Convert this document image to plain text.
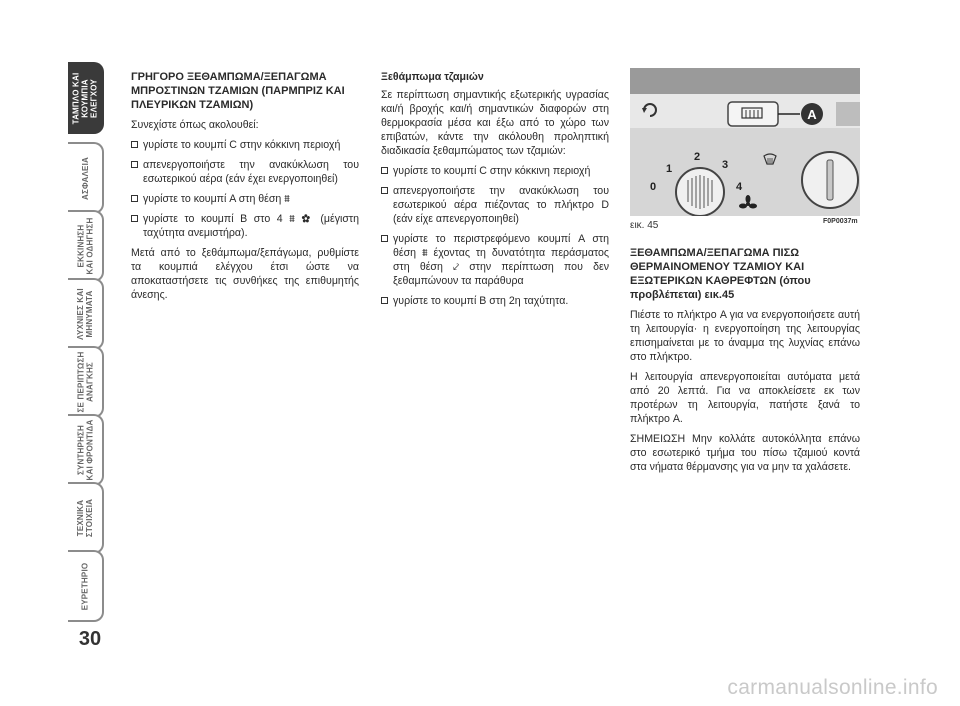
ΤΑΜΠΛΟ ΚΑΙ
ΚΟΥΜΠΙΑ
ΕΛΕΓΧΟΥ
ΑΣΦΑΛΕΙΑ
ΕΚΚΙΝΗΣΗ
ΚΑΙ ΟΔΗΓΗΣΗ
ΛΥΧΝΙΕΣ ΚΑΙ
ΜΗΝΥΜΑΤΑ
ΣΕ ΠΕΡΙΠΤΩΣΗ
ΑΝΑΓΚΗΣ
ΣΥΝΤΗΡΗΣΗ
ΚΑΙ ΦΡΟΝΤΙΔΑ
ΤΕΧΝΙΚΑ
ΣΤΟΙΧΕΙΑ
ΕΥΡΕΤΗΡΙΟ
30
ΓΡΗΓΟΡΟ ΞΕΘΑΜΠΩΜΑ/ΞΕΠΑΓΩΜΑ ΜΠΡΟΣΤΙΝΩΝ ΤΖΑΜΙΩΝ (ΠΑΡΜΠΡΙΖ ΚΑΙ ΠΛΕΥΡΙΚΩΝ ΤΖΑΜΙΩΝ)

Συνεχίστε όπως ακολουθεί:

γυρίστε το κουμπί C στην κόκκινη περιοχή
απενεργοποιήστε την ανακύκλωση του εσωτερικού αέρα (εάν έχει ενεργοποιηθεί)
γυρίστε το κουμπί A στη θέση ⩩
γυρίστε το κουμπί B στο 4 ⩩ ✿ (μέγιστη ταχύτητα ανεμιστήρα).

Μετά από το ξεθάμπωμα/ξεπάγωμα, ρυθμίστε τα κουμπιά ελέγχου έτσι ώστε να αποκαταστήσετε τις συνθήκες της επιθυμητής άνεσης.

Ξεθάμπωμα τζαμιών

Σε περίπτωση σημαντικής εξωτερικής υγρασίας και/ή βροχής και/ή σημαντικών διαφορών στη θερμοκρασία μέσα και έξω από το χώρο των επιβατών, κάντε την ακόλουθη προληπτική διαδικασία ξεθαμπώματος των τζαμιών:

γυρίστε το κουμπί C στην κόκκινη περιοχή
απενεργοποιήστε την ανακύκλωση του εσωτερικού αέρα πιέζοντας το πλήκτρο D (εάν είχε απενεργοποιηθεί)
γυρίστε το περιστρεφόμενο κουμπί A στη θέση ⩩ έχοντας τη δυνατότητα περάσματος στη θέση ⤦ στην περίπτωση που δεν ξεθαμπώνουν τα παράθυρα
γυρίστε το κουμπί B στη 2η ταχύτητα.
A
0
1
2
3
4
εικ. 45	F0P0037m
ΞΕΘΑΜΠΩΜΑ/ΞΕΠΑΓΩΜΑ ΠΙΣΩ ΘΕΡΜΑΙΝΟΜΕΝΟΥ ΤΖΑΜΙΟΥ ΚΑΙ ΕΞΩΤΕΡΙΚΩΝ ΚΑΘΡΕΦΤΩΝ (όπου προβλέπεται) εικ.45

Πιέστε το πλήκτρο A για να ενεργοποιήσετε αυτή τη λειτουργία· η ενεργοποίηση της λειτουργίας επισημαίνεται με το άναμμα της λυχνίας επάνω στο πλήκτρο.

Η λειτουργία απενεργοποιείται αυτόματα μετά από 20 λεπτά. Για να αποκλείσετε εκ των προτέρων τη λειτουργία, πατήστε ξανά το πλήκτρο A.

ΣΗΜΕΙΩΣΗ Μην κολλάτε αυτοκόλλητα επάνω στο εσωτερικό τμήμα του πίσω τζαμιού κοντά στα νήματα θέρμανσης για να μην τα χαλάσετε.

carmanualsonline.info
